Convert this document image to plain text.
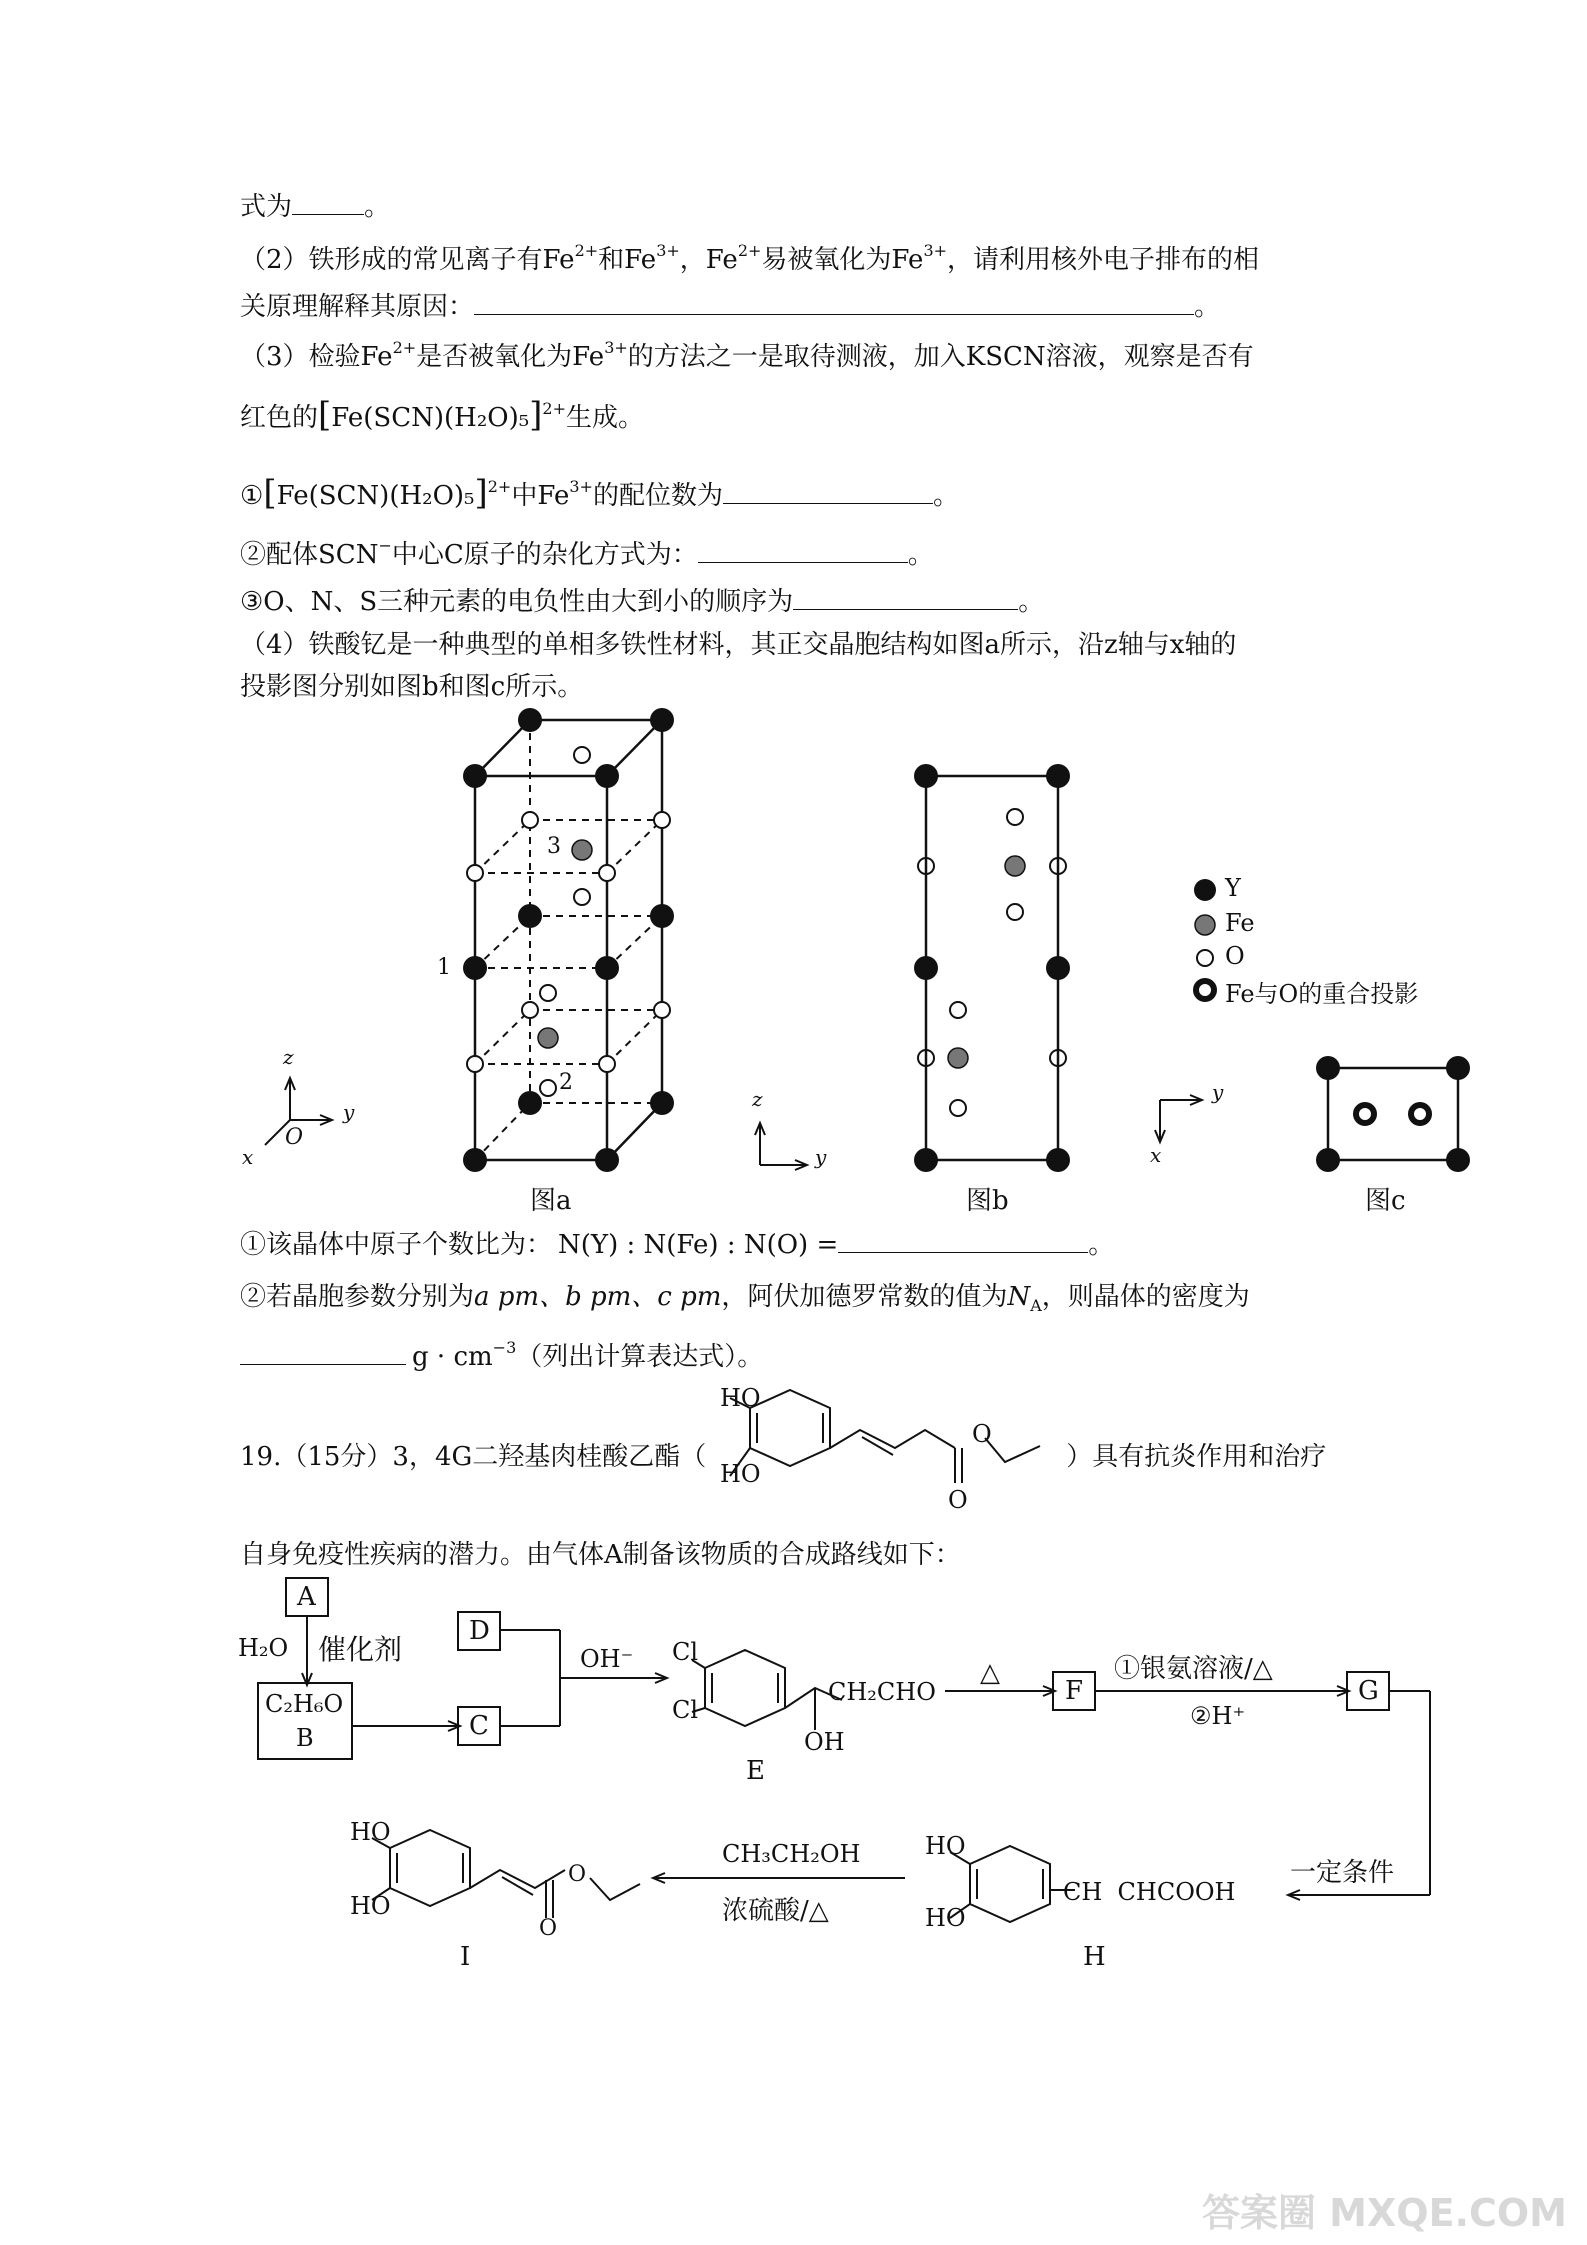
式为	。
（2）铁形成的常见离子有$Fe^{2+}$和$Fe^{3+}$，$Fe^{2+}$易被氧化为$Fe^{3+}$，请利用核外电子排布的相
关原理解释其原因：	。
（3）检验$Fe^{2+}$是否被氧化为$Fe^{3+}$的方法之一是取待测液，加入KSCN溶液，观察是否有
红色的$[Fe(SCN)(H_2O)_5]^{2+}$生成。
$①[Fe(SCN)(H_2O)_5]^{2+}$中$Fe^{3+}$的配位数为	。
②配体SCN−中心C原子的杂化方式为：	。
③O、N、S三种元素的电负性由大到小的顺序为	。
（4）铁酸钇是一种典型的单相多铁性材料，其正交晶胞结构如图a所示，沿z轴与x轴的
投影图分别如图b和图c所示。
3
1
2
z
y
x
O
z
y
y
x
图a	图b	图c
Y
Fe
O
Fe与O的重合投影
①该晶体中原子个数比为： N(Y) : N(Fe) : N(O) =	。
②若晶胞参数分别为a pm、b pm、c pm，阿伏加德罗常数的值为$N_A$，则晶体的密度为
$g \cdot cm^{-3}$（列出计算表达式）。
19.（15分）3，4G二羟基肉桂酸乙酯（	）具有抗炎作用和治疗
自身免疫性疾病的潜力。由气体A制备该物质的合成路线如下：
HO
HO
O
O
A
H₂O 催化剂
C₂H₆O
B
D
C
OH⁻ Cl
Cl
CH₂CHO
OH
E
△
F
①银氨溶液/△
②H⁺
G
一定条件
HO
HO
CH  CHCOOH
H
CH₃CH₂OH
浓硫酸/△
HO
HO
O
O
I
答案圈 MXQE.COM
